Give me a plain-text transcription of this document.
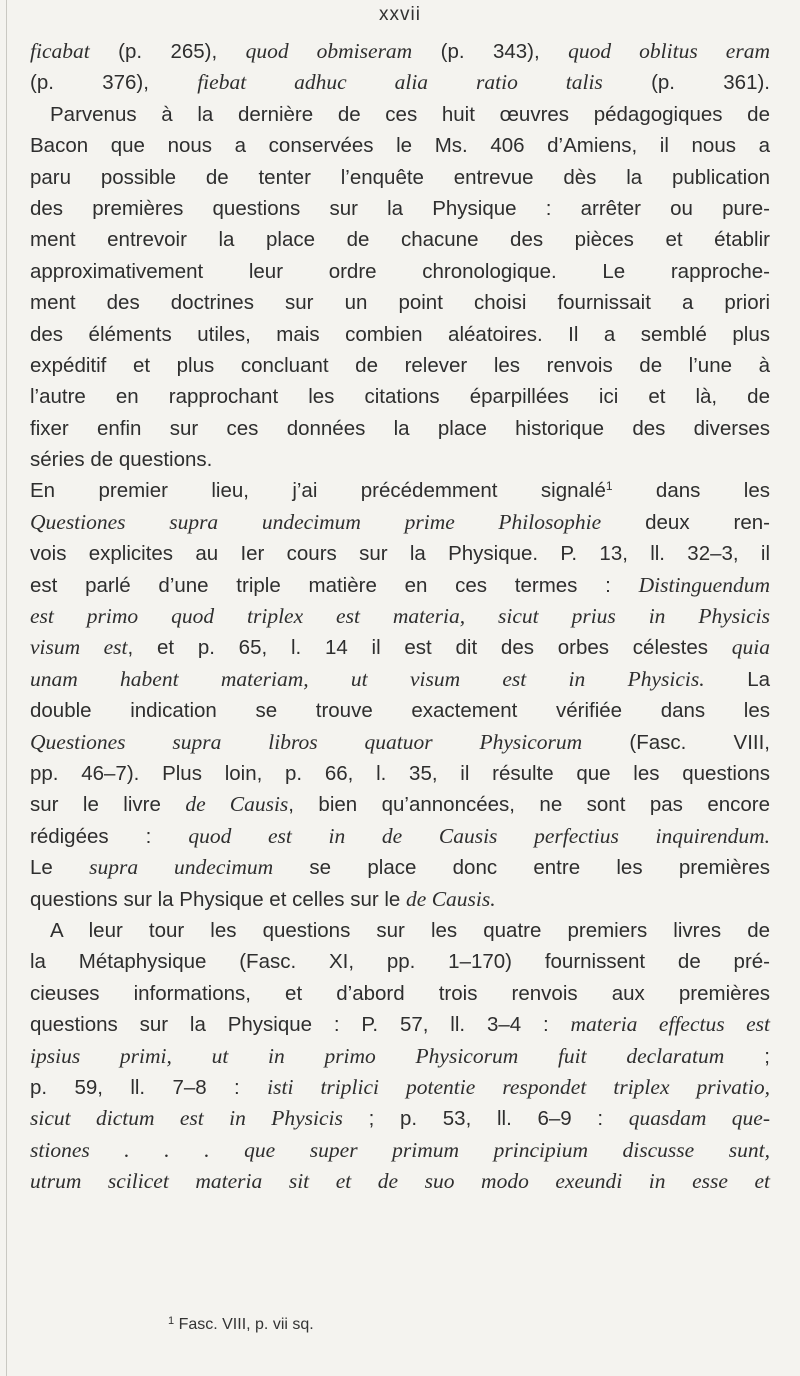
xxvii
ficabat (p. 265), quod obmiseram (p. 343), quod oblitus eram
(p. 376), fiebat adhuc alia ratio talis (p. 361).
Parvenus à la dernière de ces huit œuvres pédagogiques de
Bacon que nous a conservées le Ms. 406 d’Amiens, il nous a
paru possible de tenter l’enquête entrevue dès la publication
des premières questions sur la Physique : arrêter ou pure-
ment entrevoir la place de chacune des pièces et établir
approximativement leur ordre chronologique. Le rapproche-
ment des doctrines sur un point choisi fournissait a priori
des éléments utiles, mais combien aléatoires. Il a semblé plus
expéditif et plus concluant de relever les renvois de l’une à
l’autre en rapprochant les citations éparpillées ici et là, de
fixer enfin sur ces données la place historique des diverses
séries de questions.
En premier lieu, j’ai précédemment signalé$^1$ dans les
Questiones supra undecimum prime Philosophie deux ren-
vois explicites au Ier cours sur la Physique. P. 13, ll. 32–3, il
est parlé d’une triple matière en ces termes : Distinguendum
est primo quod triplex est materia, sicut prius in Physicis
visum est, et p. 65, l. 14 il est dit des orbes célestes quia
unam habent materiam, ut visum est in Physicis. La
double indication se trouve exactement vérifiée dans les
Questiones supra libros quatuor Physicorum (Fasc. VIII,
pp. 46–7). Plus loin, p. 66, l. 35, il résulte que les questions
sur le livre de Causis, bien qu’annoncées, ne sont pas encore
rédigées : quod est in de Causis perfectius inquirendum.
Le supra undecimum se place donc entre les premières
questions sur la Physique et celles sur le de Causis.
A leur tour les questions sur les quatre premiers livres de
la Métaphysique (Fasc. XI, pp. 1–170) fournissent de pré-
cieuses informations, et d’abord trois renvois aux premières
questions sur la Physique : P. 57, ll. 3–4 : materia effectus est
ipsius primi, ut in primo Physicorum fuit declaratum ;
p. 59, ll. 7–8 : isti triplici potentie respondet triplex privatio,
sicut dictum est in Physicis ; p. 53, ll. 6–9 : quasdam que-
stiones . . . que super primum principium discusse sunt,
utrum scilicet materia sit et de suo modo exeundi in esse et
$^1$ Fasc. VIII, p. vii sq.
